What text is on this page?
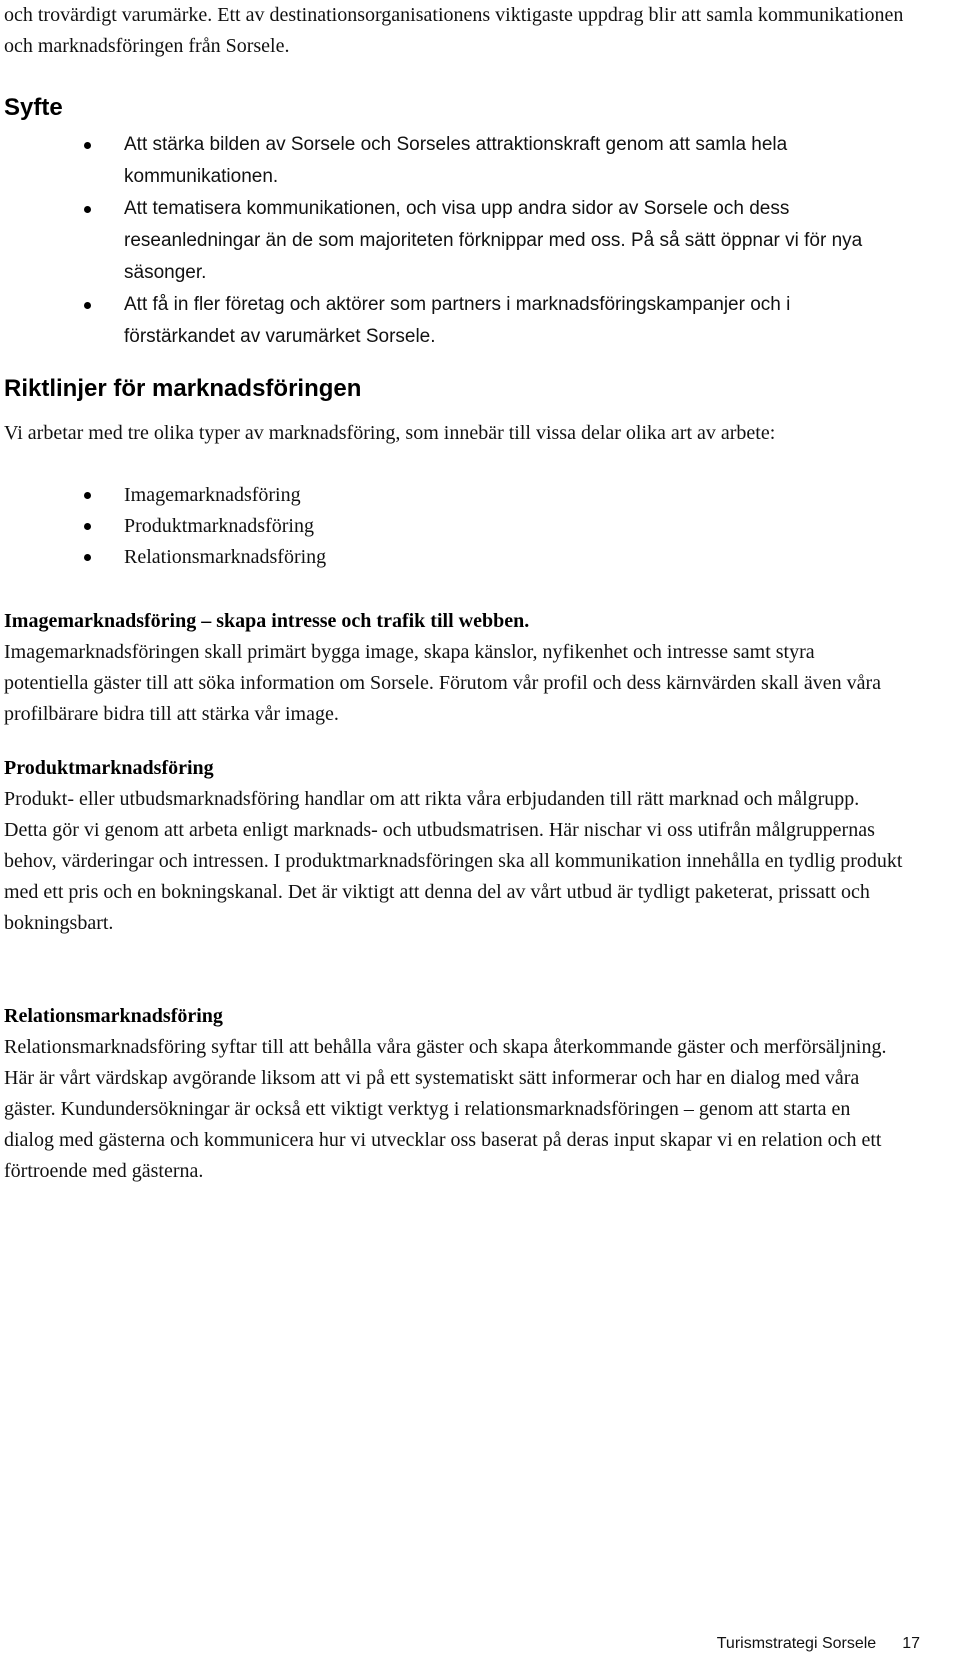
och trovärdigt varumärke. Ett av destinationsorganisationens viktigaste uppdrag blir att samla kommunikationen och marknadsföringen från Sorsele.

Syfte

Att stärka bilden av Sorsele och Sorseles attraktionskraft genom att samla hela kommunikationen.

Att tematisera kommunikationen, och visa upp andra sidor av Sorsele och dess reseanledningar än de som majoriteten förknippar med oss. På så sätt öppnar vi för nya säsonger.

Att få in fler företag och aktörer som partners i marknadsföringskampanjer och i förstärkandet av varumärket Sorsele.

Riktlinjer för marknadsföringen

Vi arbetar med tre olika typer av marknadsföring, som innebär till vissa delar olika art av arbete:

Imagemarknadsföring

Produktmarknadsföring

Relationsmarknadsföring

Imagemarknadsföring – skapa intresse och trafik till webben.

Imagemarknadsföringen skall primärt bygga image, skapa känslor, nyfikenhet och intresse samt styra potentiella gäster till att söka information om Sorsele. Förutom vår profil och dess kärnvärden skall även våra profilbärare bidra till att stärka vår image.

Produktmarknadsföring

Produkt- eller utbudsmarknadsföring handlar om att rikta våra erbjudanden till rätt marknad och målgrupp. Detta gör vi genom att arbeta enligt marknads- och utbudsmatrisen. Här nischar vi oss utifrån målgruppernas behov, värderingar och intressen. I produktmarknadsföringen ska all kommunikation innehålla en tydlig produkt med ett pris och en bokningskanal. Det är viktigt att denna del av vårt utbud är tydligt paketerat, prissatt och bokningsbart.

Relationsmarknadsföring

Relationsmarknadsföring syftar till att behålla våra gäster och skapa återkommande gäster och merförsäljning. Här är vårt värdskap avgörande liksom att vi på ett systematiskt sätt informerar och har en dialog med våra gäster. Kundundersökningar är också ett viktigt verktyg i relationsmarknadsföringen – genom att starta en dialog med gästerna och kommunicera hur vi utvecklar oss baserat på deras input skapar vi en relation och ett förtroende med gästerna.

Turismstrategi Sorsele 17
